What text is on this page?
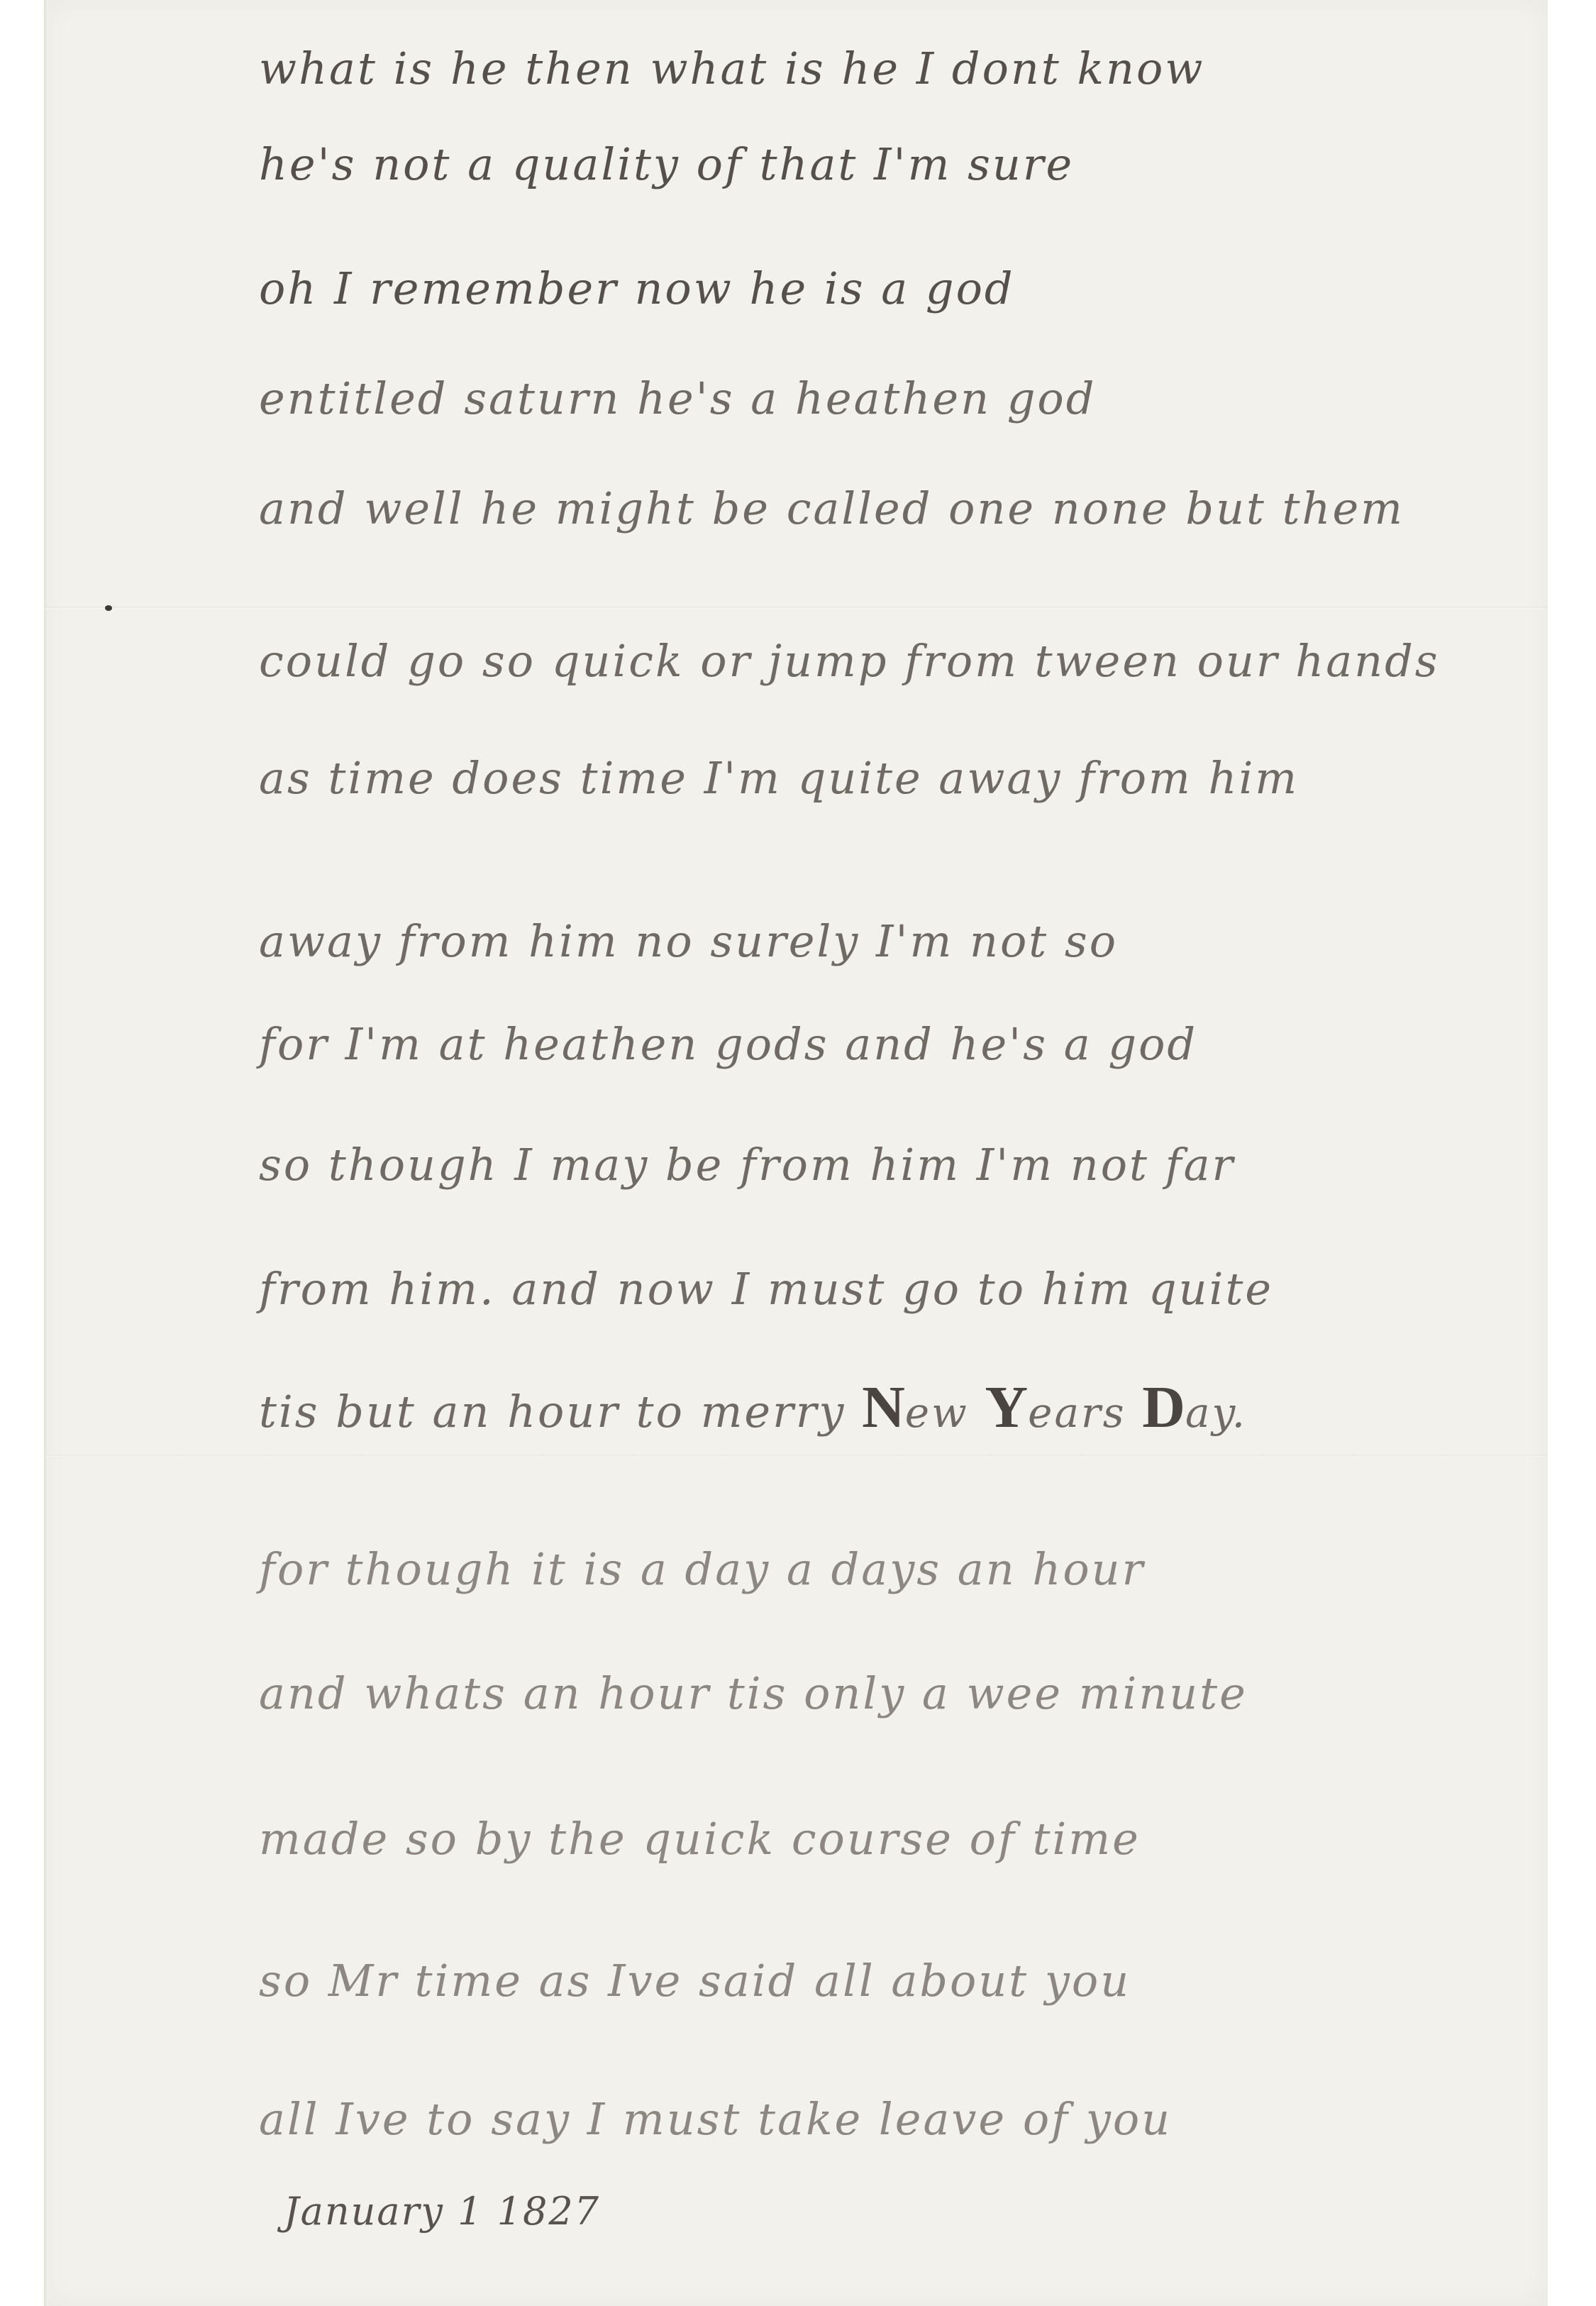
what is he then what is he I dont know
he's not a quality of that I'm sure
oh I remember now he is a god
entitled saturn he's a heathen god
and well he might be called one none but them
could go so quick or jump from tween our hands
as time does time I'm quite away from him
away from him no surely I'm not so
for I'm at heathen gods and he's a god
so though I may be from him I'm not far
from him. and now I must go to him quite
tis but an hour to merry New Years Day.
for though it is a day a days an hour
and whats an hour tis only a wee minute
made so by the quick course of time
so Mr time as Ive said all about you
all Ive to say I must take leave of you
January 1 1827
